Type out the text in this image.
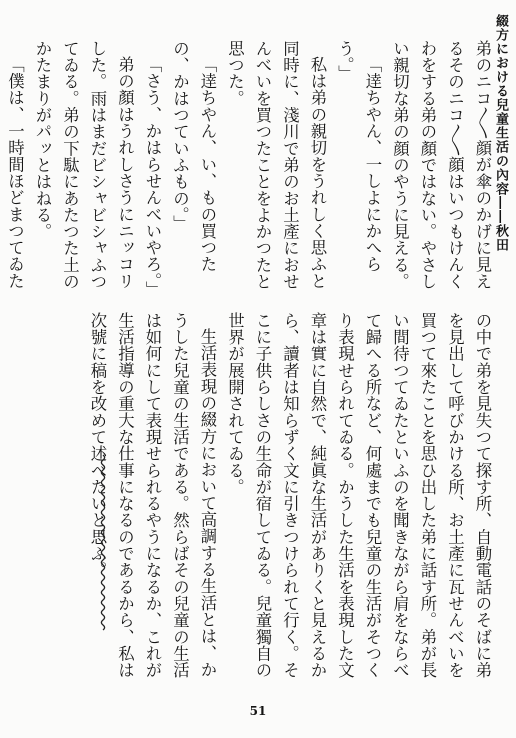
綴方における兒童生活の內容――秋田

弟のニコ〳〵顔が傘のかげに見えるそのニコ〳〵顔はいつもけんくわをする弟の顏ではない。やさしい親切な弟の顔のやうに見える。

「逹ちやん、一しよにかへらう。」

私は弟の親切をうれしく思ふと同時に、淺川で弟のお土產におせんべいを買つたことをよかつたと思つた。

「逹ちやん、い、もの買つたの、かはつていふもの。」

「さう、かはらせんべいやろ。」

弟の顏はうれしさうにニッコリした。雨はまだビシャビシャふつてゐる。弟の下駄にあたつた土のかたまりがパッとはねる。

「僕は、一時間ほどまつてゐた

の中で弟を見失つて探す所、自動電話のそばに弟を見出して呼びかける所、お土產に瓦せんべいを買つて來たことを思ひ出した弟に話す所。弟が長い間待つてゐたといふのを聞きながら肩をならべて歸へる所など、何處までも兒童の生活がそつくり表現せられてゐる。かうした生活を表現した文章は實に自然で、純眞な生活がありくと見えるから、讀者は知らずく文に引きつけられて行く。そこに子供らしさの生命が宿してゐる。兒童獨自の世界が展開されてゐる。

生活表現の綴方において高調する生活とは、かうした兒童の生活である。然らばその兒童の生活は如何にして表現せられるやうになるか、これが生活指導の重大な仕事になるのであるから、私は次號に稿を改めて述べたいと思ふ。

51
